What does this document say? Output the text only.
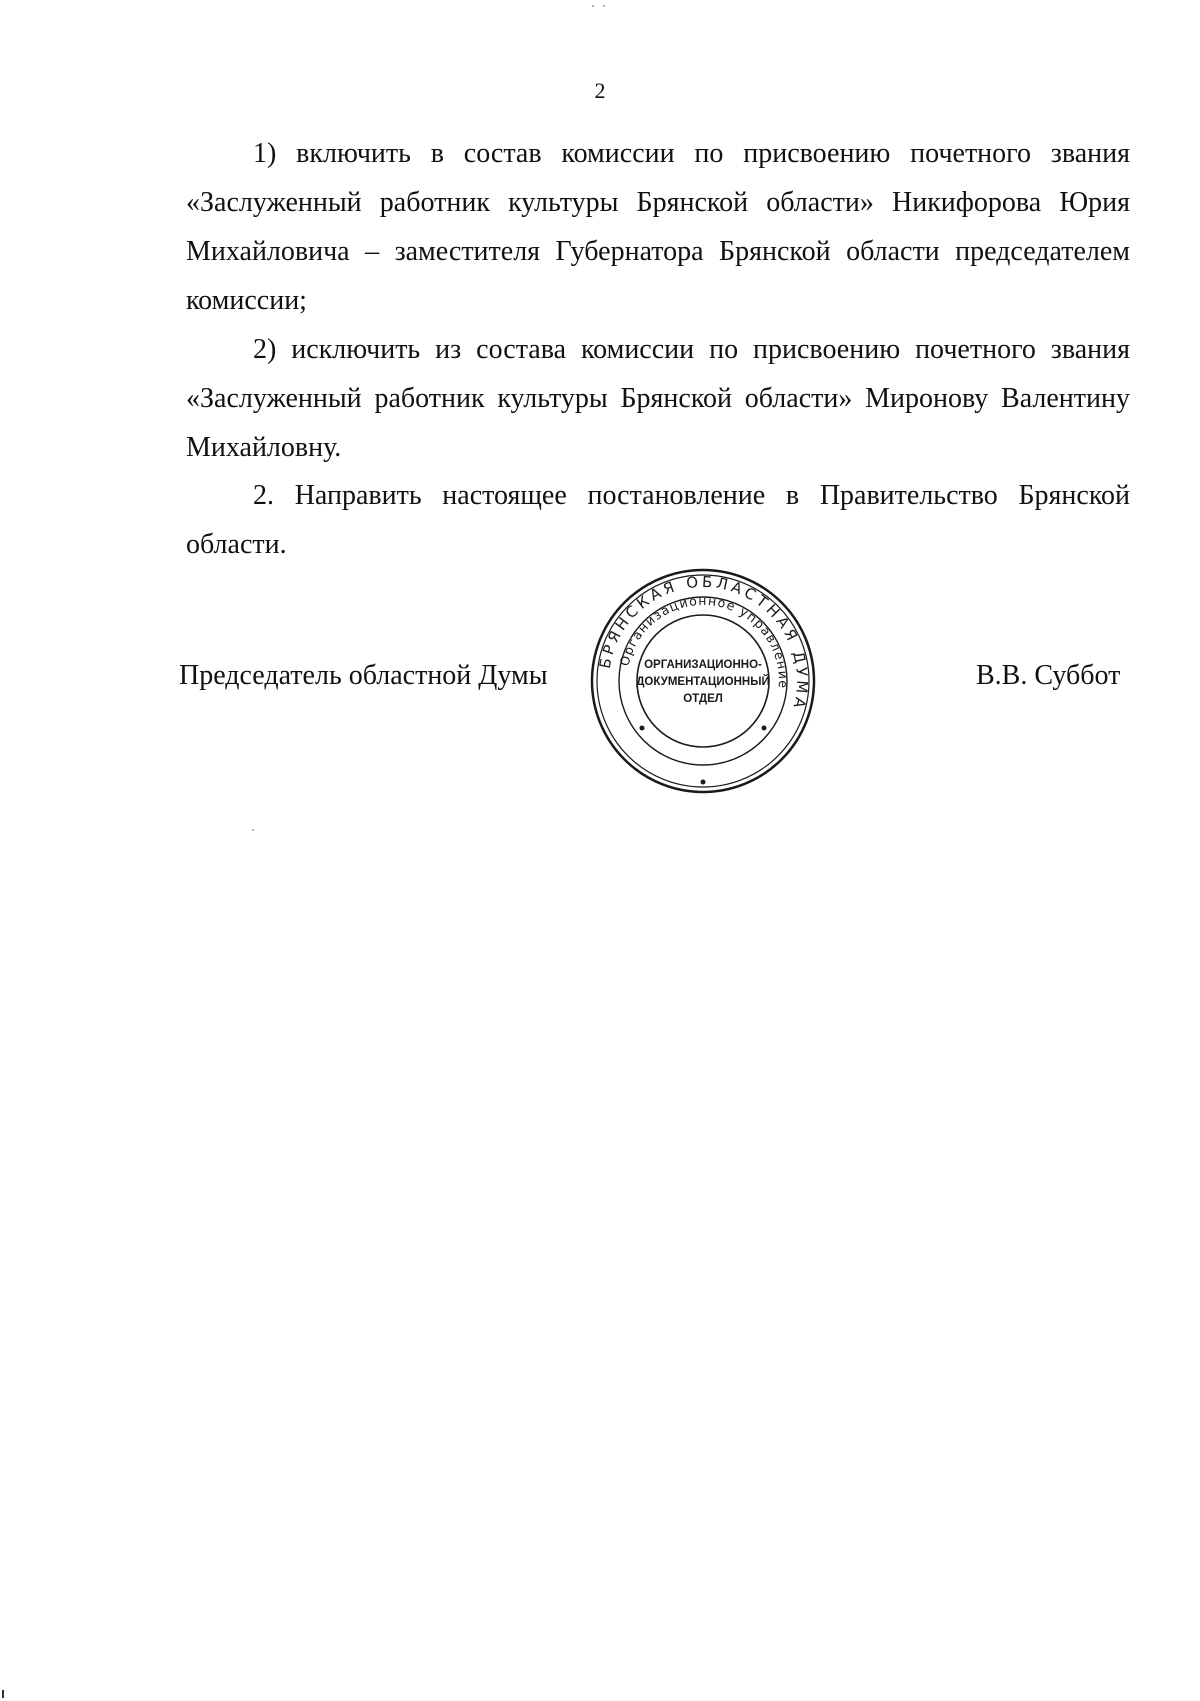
2

1) включить в состав комиссии по присвоению почетного звания «Заслуженный работник культуры Брянской области» Никифорова Юрия Михайловича – заместителя Губернатора Брянской области председателем комиссии;

2) исключить из состава комиссии по присвоению почетного звания «Заслуженный работник культуры Брянской области» Миронову Валентину Михайловну.

2. Направить настоящее постановление в Правительство Брянской области.

Председатель областной Думы	В.В. Суббот
БРЯНСКАЯ ОБЛАСТНАЯ ДУМА
Организационное управление
ОРГАНИЗАЦИОННО-
ДОКУМЕНТАЦИОННЫЙ
ОТДЕЛ
